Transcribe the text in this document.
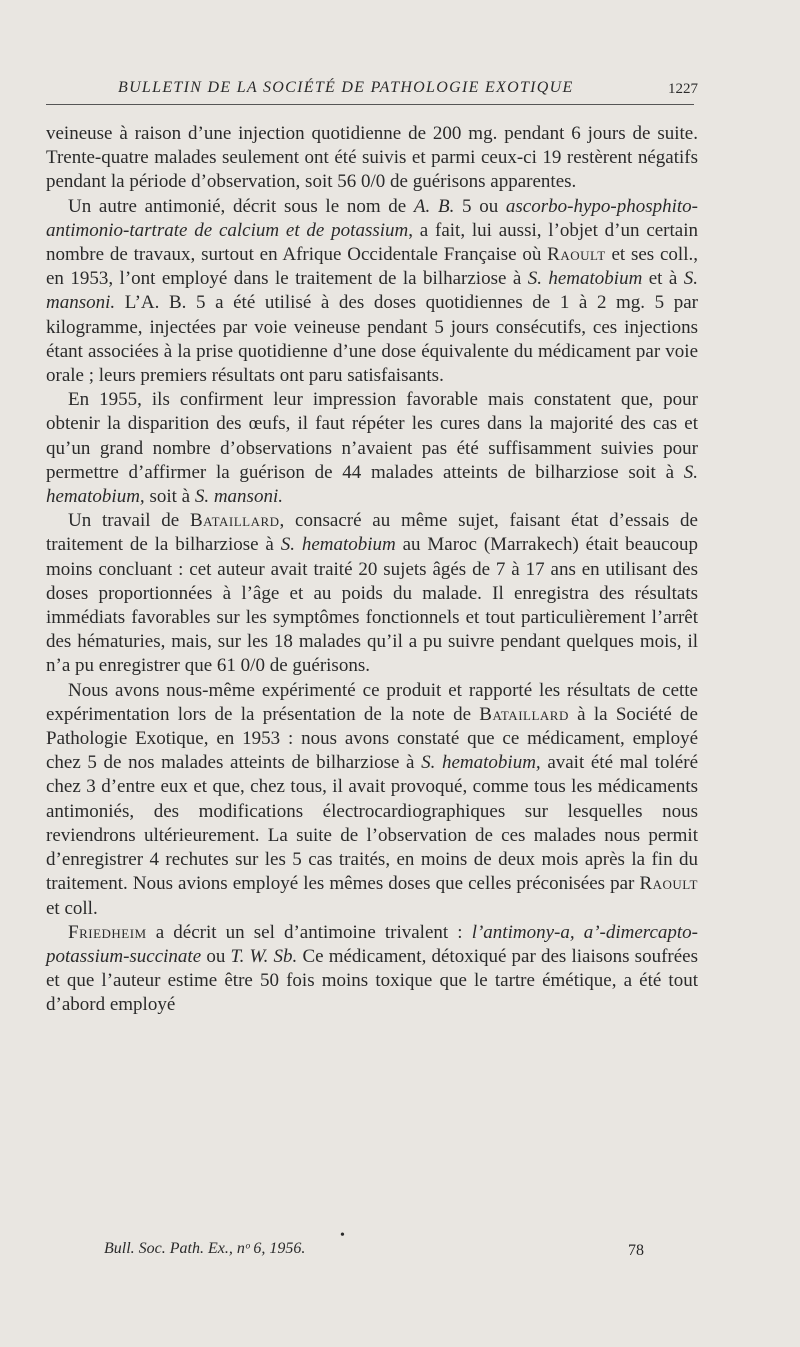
BULLETIN DE LA SOCIÉTÉ DE PATHOLOGIE EXOTIQUE	1227

veineuse à raison d’une injection quotidienne de 200 mg. pendant 6 jours de suite. Trente-quatre malades seulement ont été suivis et parmi ceux-ci 19 restèrent négatifs pendant la période d’observation, soit 56 0/0 de guérisons apparentes.

Un autre antimonié, décrit sous le nom de A. B. 5 ou ascorbo-hypo-phosphito-antimonio-tartrate de calcium et de potassium, a fait, lui aussi, l’objet d’un certain nombre de travaux, surtout en Afrique Occidentale Française où Raoult et ses coll., en 1953, l’ont employé dans le traitement de la bilharziose à S. hematobium et à S. mansoni. L’A. B. 5 a été utilisé à des doses quotidiennes de 1 à 2 mg. 5 par kilogramme, injectées par voie veineuse pendant 5 jours consécutifs, ces injections étant associées à la prise quotidienne d’une dose équivalente du médicament par voie orale ; leurs premiers résultats ont paru satisfaisants.

En 1955, ils confirment leur impression favorable mais constatent que, pour obtenir la disparition des œufs, il faut répéter les cures dans la majorité des cas et qu’un grand nombre d’observations n’avaient pas été suffisamment suivies pour permettre d’affirmer la guérison de 44 malades atteints de bilharziose soit à S. hematobium, soit à S. mansoni.

Un travail de Bataillard, consacré au même sujet, faisant état d’essais de traitement de la bilharziose à S. hematobium au Maroc (Marrakech) était beaucoup moins concluant : cet auteur avait traité 20 sujets âgés de 7 à 17 ans en utilisant des doses proportionnées à l’âge et au poids du malade. Il enregistra des résultats immédiats favorables sur les symptômes fonctionnels et tout particulièrement l’arrêt des hématuries, mais, sur les 18 malades qu’il a pu suivre pendant quelques mois, il n’a pu enregistrer que 61 0/0 de guérisons.

Nous avons nous-même expérimenté ce produit et rapporté les résultats de cette expérimentation lors de la présentation de la note de Bataillard à la Société de Pathologie Exotique, en 1953 : nous avons constaté que ce médicament, employé chez 5 de nos malades atteints de bilharziose à S. hematobium, avait été mal toléré chez 3 d’entre eux et que, chez tous, il avait provoqué, comme tous les médicaments antimoniés, des modifications électrocardiographiques sur lesquelles nous reviendrons ultérieurement. La suite de l’observation de ces malades nous permit d’enregistrer 4 rechutes sur les 5 cas traités, en moins de deux mois après la fin du traitement. Nous avions employé les mêmes doses que celles préconisées par Raoult et coll.

Friedheim a décrit un sel d’antimoine trivalent : l’antimony-a, a’-dimercapto-potassium-succinate ou T. W. Sb. Ce médicament, détoxiqué par des liaisons soufrées et que l’auteur estime être 50 fois moins toxique que le tartre émétique, a été tout d’abord employé

•
Bull. Soc. Path. Ex., nᵒ 6, 1956.	78
